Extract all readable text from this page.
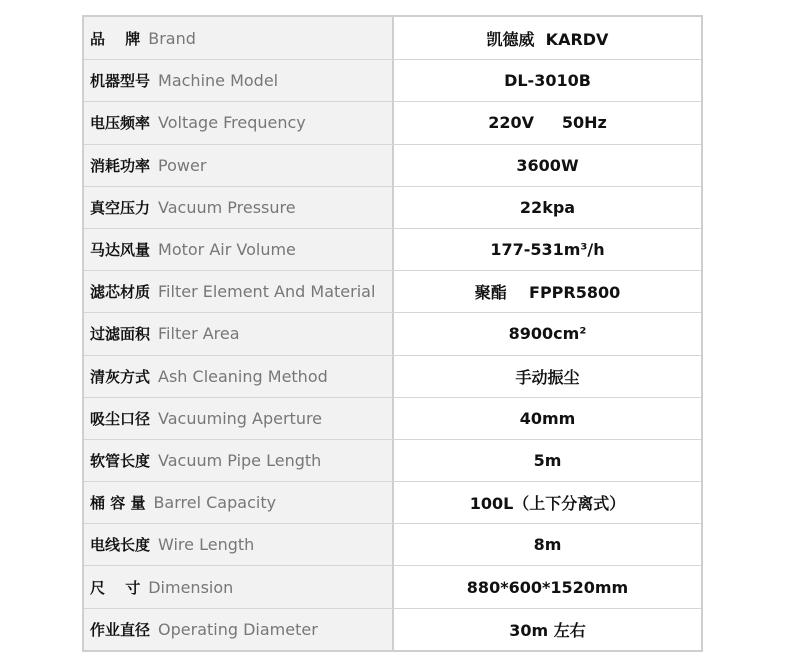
品　 牌 Brand	凯德威  KARDV
机器型号 Machine Model	DL-3010B
电压频率 Voltage Frequency	220V     50Hz
消耗功率 Power	3600W
真空压力 Vacuum Pressure	22kpa
马达风量 Motor Air Volume	177-531m³/h
滤芯材质 Filter Element And Material	聚酯    FPPR5800
过滤面积 Filter Area	8900cm²
清灰方式 Ash Cleaning Method	手动振尘
吸尘口径 Vacuuming Aperture	40mm
软管长度 Vacuum Pipe Length	5m
桶 容 量 Barrel Capacity	100L（上下分离式）
电线长度 Wire Length	8m
尺　 寸 Dimension	880*600*1520mm
作业直径 Operating Diameter	30m 左右
